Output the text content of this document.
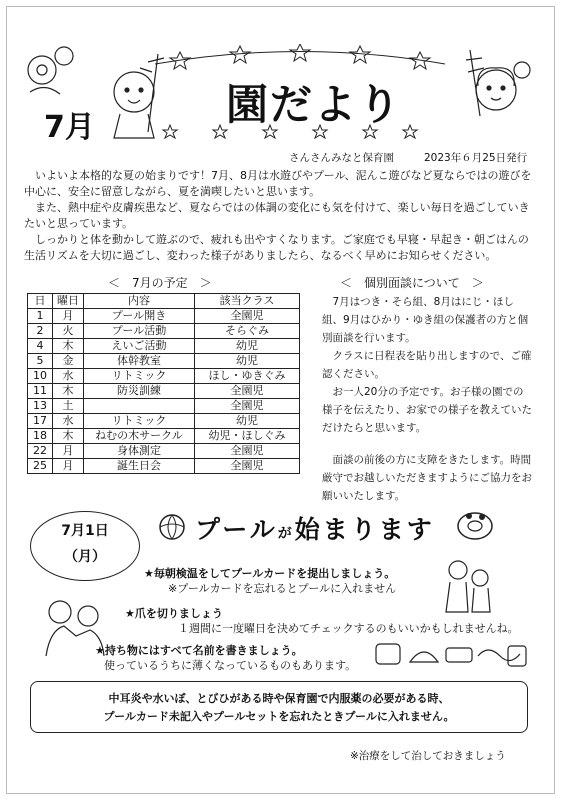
7月	園だより
さんさんみなと保育園	2023年６月25日発行

いよいよ本格的な夏の始まりです！7月、8月は水遊びやプール、泥んこ遊びなど夏ならではの遊びを中心に、安全に留意しながら、夏を満喫したいと思います。

また、熱中症や皮膚疾患など、夏ならではの体調の変化にも気を付けて、楽しい毎日を過ごしていきたいと思っています。

しっかりと体を動かして遊ぶので、疲れも出やすくなります。ご家庭でも早寝・早起き・朝ごはんの生活リズムを大切に過ごし、変わった様子がありましたら、なるべく早めにお知らせください。

＜　7月の予定　＞	＜　個別面談について　＞
日	曜日	内容	該当クラス
1	月	プール開き	全園児
2	火	プール活動	そらぐみ
4	木	えいご活動	幼児
5	金	体幹教室	幼児
10	水	リトミック	ほし・ゆきぐみ
11	木	防災訓練	全園児
13	土		全園児
17	水	リトミック	幼児
18	木	ねむの木サークル	幼児・ほしぐみ
22	月	身体測定	全園児
25	月	誕生日会	全園児

7月はつき・そら組、8月はにじ・ほし組、9月はひかり・ゆき組の保護者の方と個別面談を行います。

クラスに日程表を貼り出しますので、ご確認ください。

お一人20分の予定です。お子様の園での様子を伝えたり、お家での様子を教えていただけたらと思います。

面談の前後の方に支障をきたします。時間厳守でお越しいただきますようにご協力をお願いいたします。

7月1日
（月）
プールが始まります
★毎朝検温をしてプールカードを提出しましょう。
※プールカードを忘れるとプールに入れません
★爪を切りましょう
１週間に一度曜日を決めてチェックするのもいいかもしれませんね。
★持ち物にはすべて名前を書きましょう。
使っているうちに薄くなっているものもあります。
中耳炎や水いぼ、とびひがある時や保育園で内服薬の必要がある時、
プールカード未記入やプールセットを忘れたときプールに入れません。
※治療をして治しておきましょう
